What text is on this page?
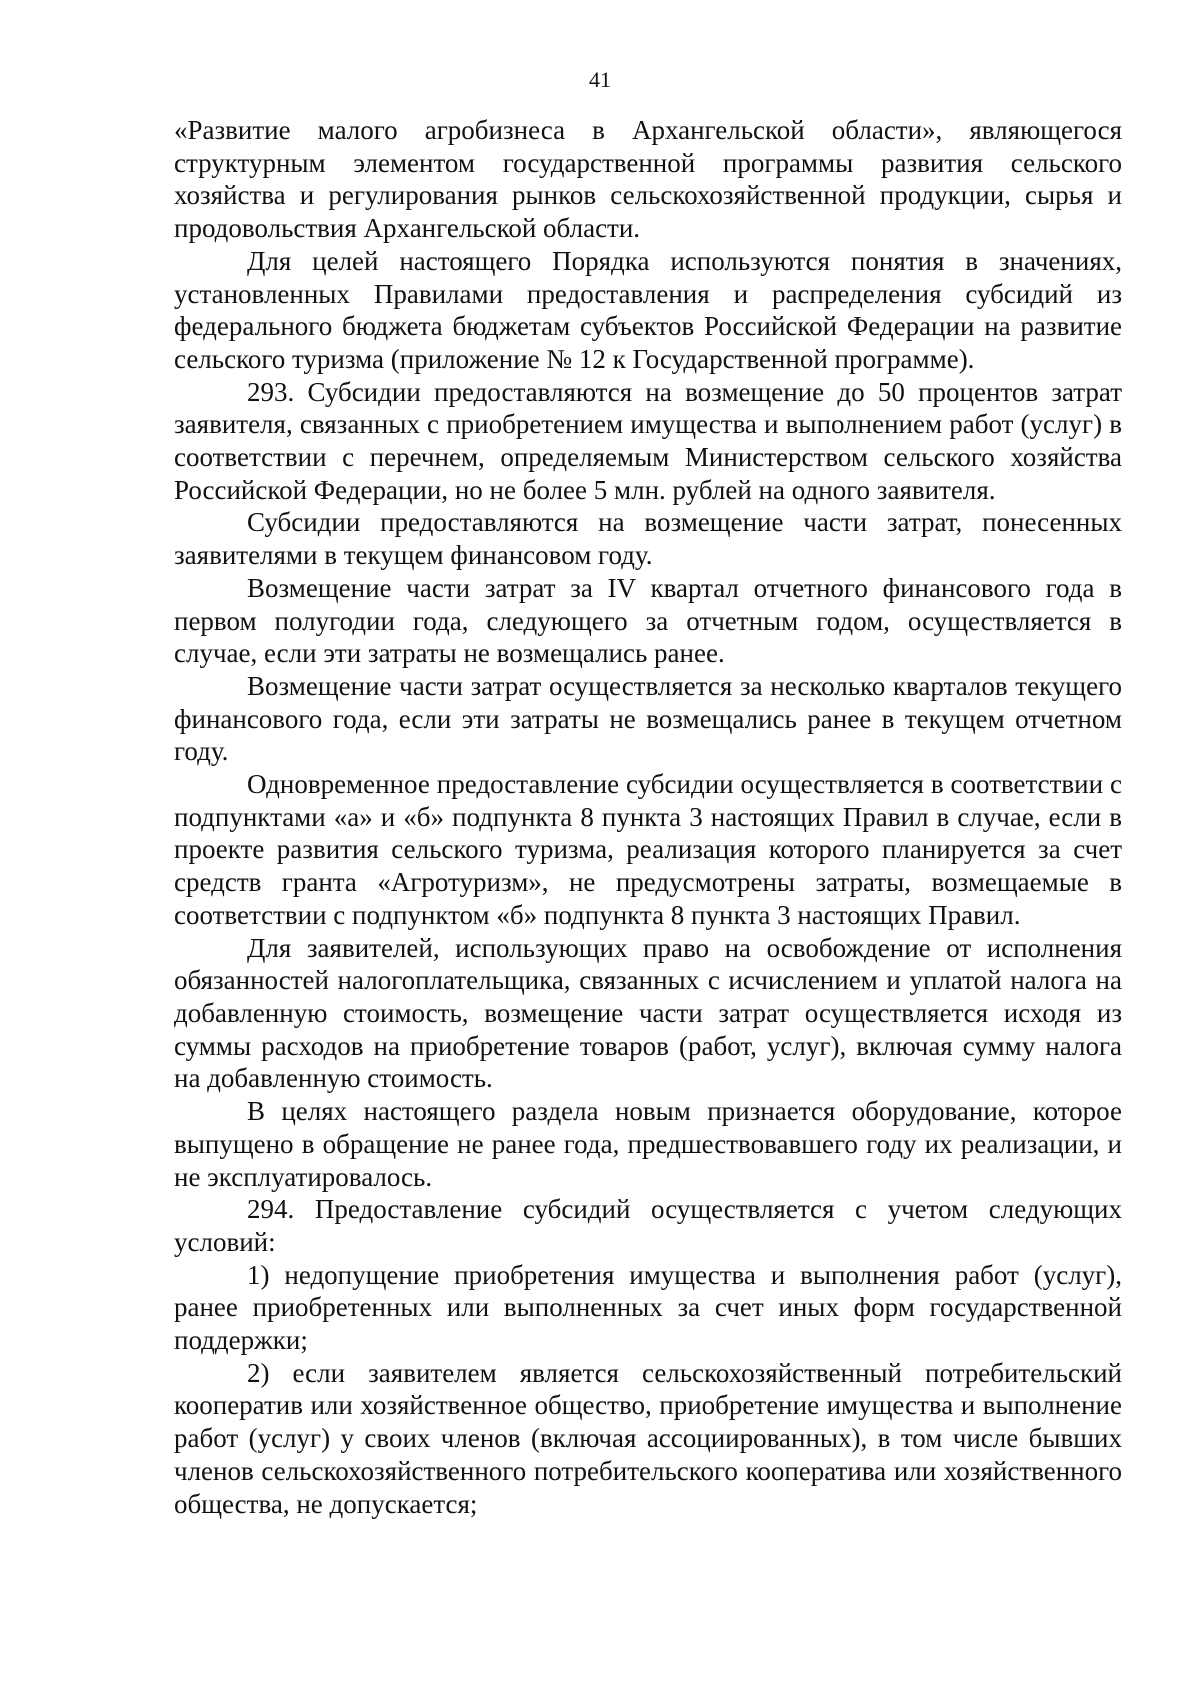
41

«Развитие малого агробизнеса в Архангельской области», являющегося структурным элементом государственной программы развития сельского хозяйства и регулирования рынков сельскохозяйственной продукции, сырья и продовольствия Архангельской области.

Для целей настоящего Порядка используются понятия в значениях, установленных Правилами предоставления и распределения субсидий из федерального бюджета бюджетам субъектов Российской Федерации на развитие сельского туризма (приложение № 12 к Государственной программе).

293. Субсидии предоставляются на возмещение до 50 процентов затрат заявителя, связанных с приобретением имущества и выполнением работ (услуг) в соответствии с перечнем, определяемым Министерством сельского хозяйства Российской Федерации, но не более 5 млн. рублей на одного заявителя.

Субсидии предоставляются на возмещение части затрат, понесенных заявителями в текущем финансовом году.

Возмещение части затрат за IV квартал отчетного финансового года в первом полугодии года, следующего за отчетным годом, осуществляется в случае, если эти затраты не возмещались ранее.

Возмещение части затрат осуществляется за несколько кварталов текущего финансового года, если эти затраты не возмещались ранее в текущем отчетном году.

Одновременное предоставление субсидии осуществляется в соответствии с подпунктами «а» и «б» подпункта 8 пункта 3 настоящих Правил в случае, если в проекте развития сельского туризма, реализация которого планируется за счет средств гранта «Агротуризм», не предусмотрены затраты, возмещаемые в соответствии с подпунктом «б» подпункта 8 пункта 3 настоящих Правил.

Для заявителей, использующих право на освобождение от исполнения обязанностей налогоплательщика, связанных с исчислением и уплатой налога на добавленную стоимость, возмещение части затрат осуществляется исходя из суммы расходов на приобретение товаров (работ, услуг), включая сумму налога на добавленную стоимость.

В целях настоящего раздела новым признается оборудование, которое выпущено в обращение не ранее года, предшествовавшего году их реализации, и не эксплуатировалось.

294. Предоставление субсидий осуществляется с учетом следующих условий:

1) недопущение приобретения имущества и выполнения работ (услуг), ранее приобретенных или выполненных за счет иных форм государственной поддержки;

2) если заявителем является сельскохозяйственный потребительский кооператив или хозяйственное общество, приобретение имущества и выполнение работ (услуг) у своих членов (включая ассоциированных), в том числе бывших членов сельскохозяйственного потребительского кооператива или хозяйственного общества, не допускается;
